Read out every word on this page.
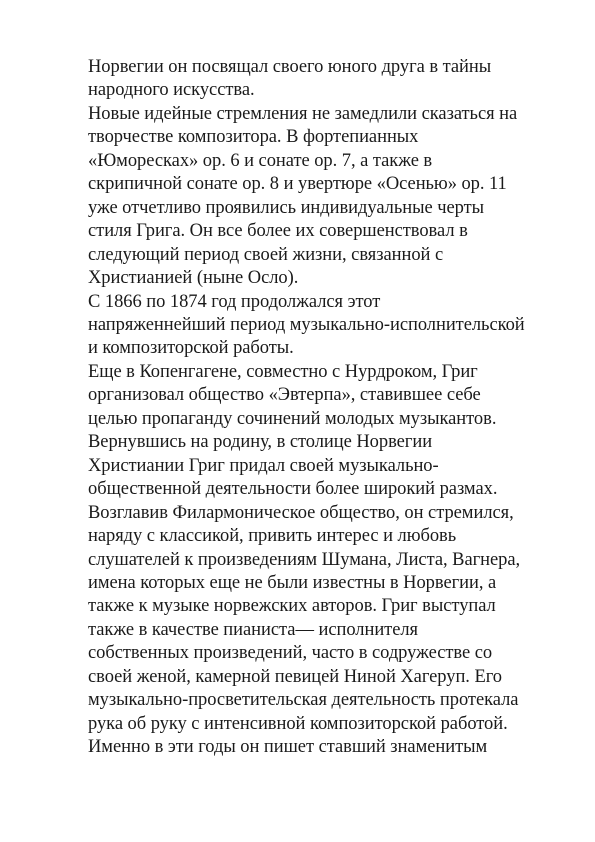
Норвегии он посвящал своего юного друга в тайны
народного искусства.
Новые идейные стремления не замедлили сказаться на
творчестве композитора. В фортепианных
«Юморесках» ор. 6 и сонате ор. 7, а также в
скрипичной сонате ор. 8 и увертюре «Осенью» ор. 11
уже отчетливо проявились индивидуальные черты
стиля Грига. Он все более их совершенствовал в
следующий период своей жизни, связанной с
Христианией (ныне Осло).
С 1866 по 1874 год продолжался этот
напряженнейший период музыкально-исполнительской
и композиторской работы.
Еще в Копенгагене, совместно с Нурдроком, Григ
организовал общество «Эвтерпа», ставившее себе
целью пропаганду сочинений молодых музыкантов.
Вернувшись на родину, в столице Норвегии
Христиании Григ придал своей музыкально-
общественной деятельности более широкий размах.
Возглавив Филармоническое общество, он стремился,
наряду с классикой, привить интерес и любовь
слушателей к произведениям Шумана, Листа, Вагнера,
имена которых еще не были известны в Норвегии, а
также к музыке норвежских авторов. Григ выступал
также в качестве пианиста— исполнителя
собственных произведений, часто в содружестве со
своей женой, камерной певицей Ниной Хагеруп. Его
музыкально-просветительская деятельность протекала
рука об руку с интенсивной композиторской работой.
Именно в эти годы он пишет ставший знаменитым
